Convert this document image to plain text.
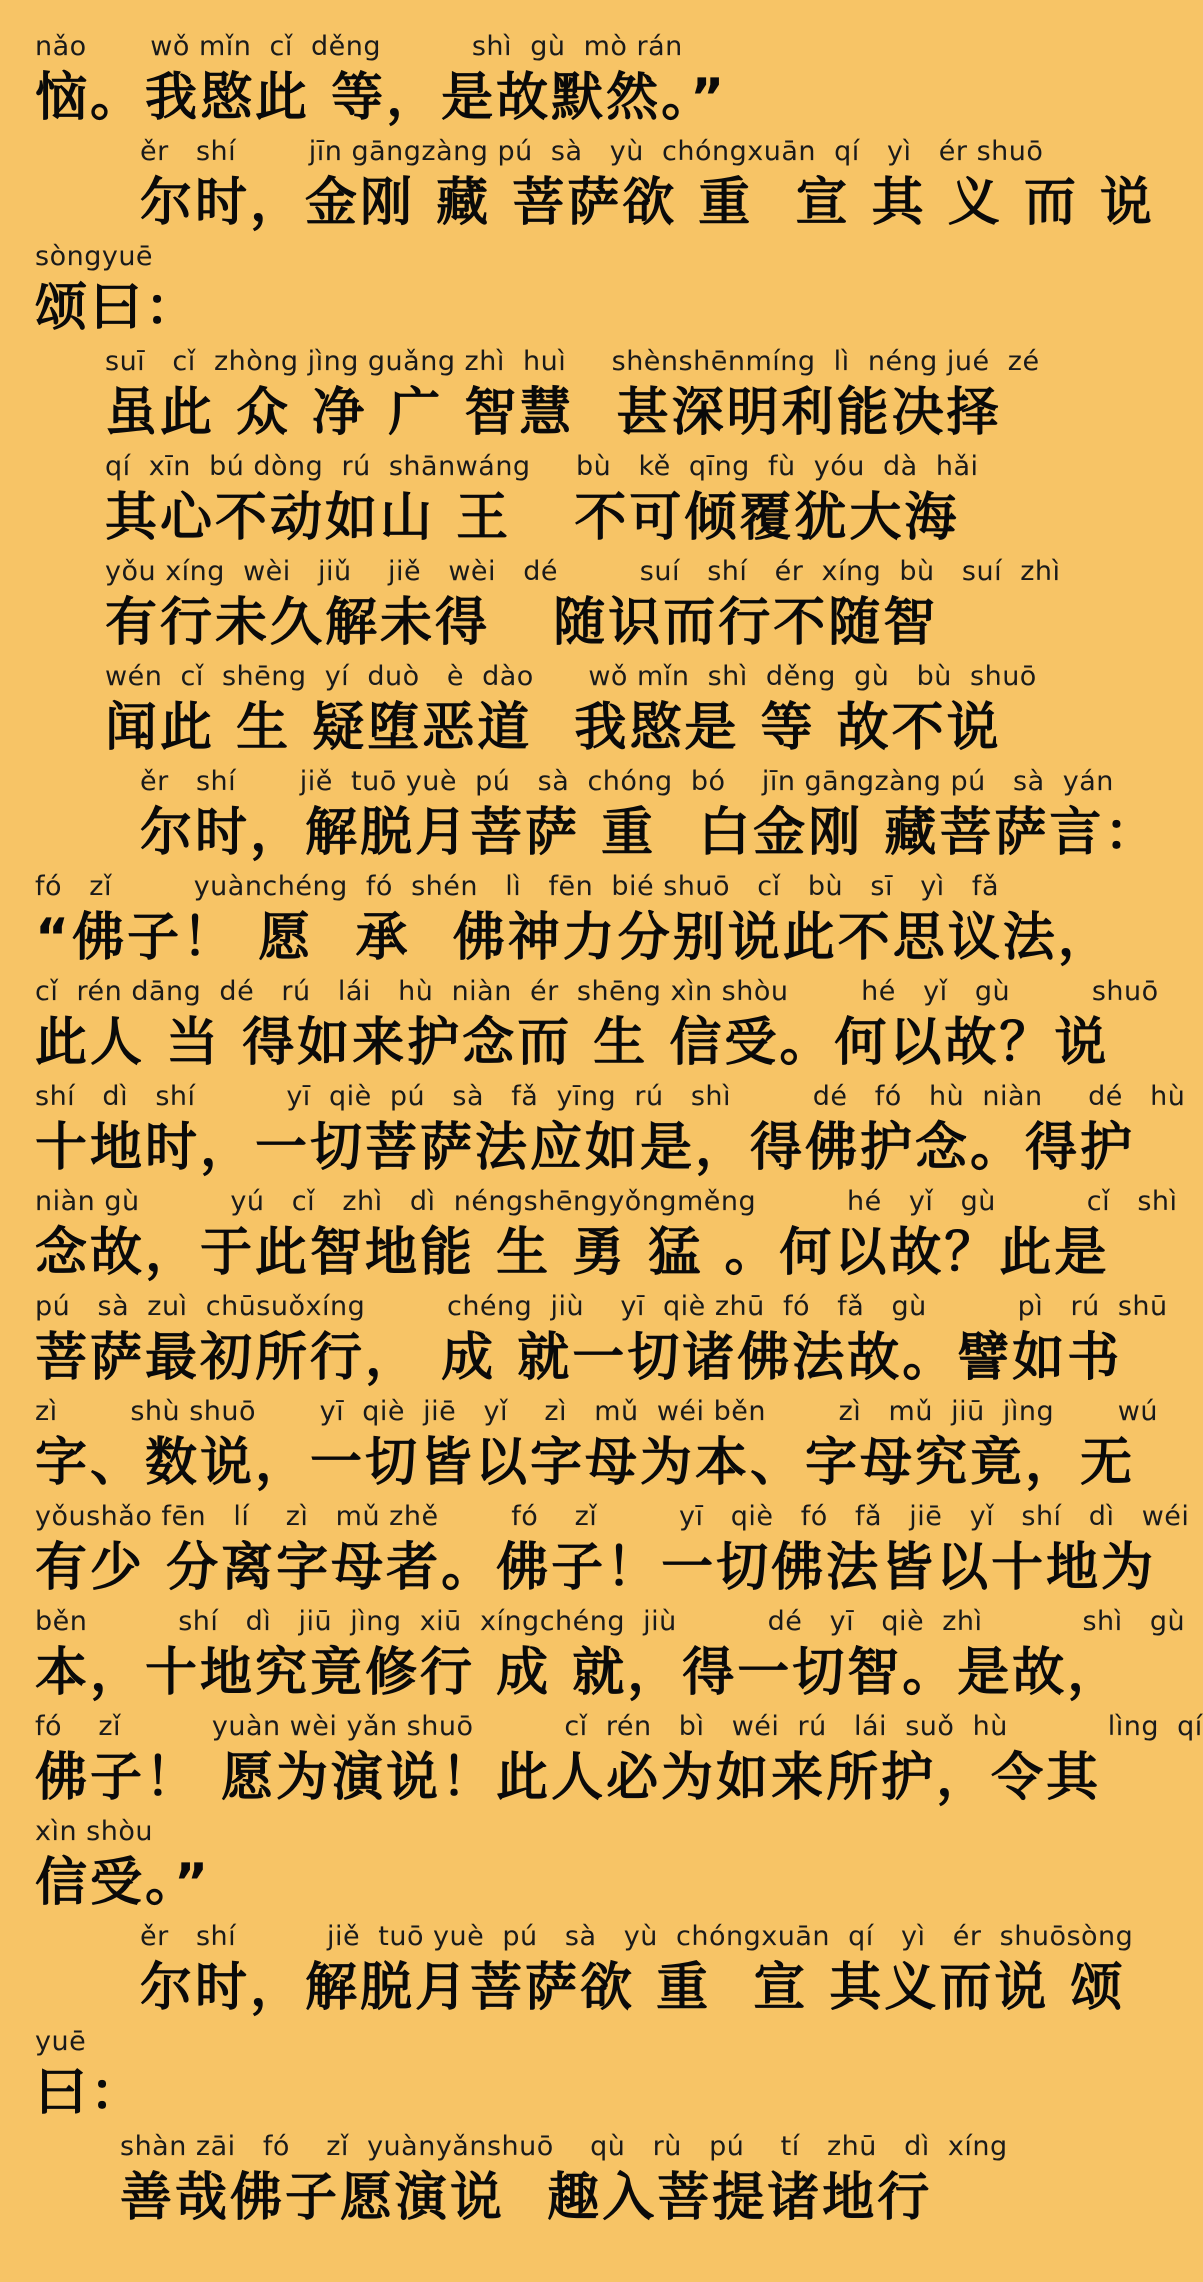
nǎo       wǒ mǐn  cǐ  děng          shì  gù  mò rán
恼。我愍此 等，是故默然。”
ěr   shí        jīn gāngzàng pú  sà   yù  chóngxuān  qí   yì   ér shuō
尔时，金刚 藏 菩萨欲 重  宣 其 义 而 说
sòngyuē
颂曰：
suī   cǐ  zhòng jìng guǎng zhì  huì     shènshēnmíng  lì  néng jué  zé
虽此 众 净 广 智慧  甚深明利能决择
qí  xīn  bú dòng  rú  shānwáng     bù   kě  qīng  fù  yóu  dà  hǎi
其心不动如山 王   不可倾覆犹大海
yǒu xíng  wèi   jiǔ    jiě   wèi   dé         suí   shí   ér  xíng  bù   suí  zhì
有行未久解未得   随识而行不随智
wén  cǐ  shēng  yí  duò   è  dào      wǒ mǐn  shì  děng  gù   bù  shuō
闻此 生 疑堕恶道  我愍是 等 故不说
ěr   shí       jiě  tuō yuè  pú   sà  chóng  bó    jīn gāngzàng pú   sà  yán
尔时，解脱月菩萨 重  白金刚 藏菩萨言：
fó   zǐ         yuànchéng  fó  shén   lì   fēn  bié shuō   cǐ   bù   sī   yì   fǎ
“佛子！ 愿  承  佛神力分别说此不思议法，
cǐ  rén dāng  dé   rú   lái   hù  niàn  ér  shēng xìn shòu        hé   yǐ   gù         shuō
此人 当 得如来护念而 生 信受。何以故？说
shí   dì   shí          yī  qiè  pú   sà   fǎ  yīng  rú   shì         dé   fó   hù  niàn     dé   hù
十地时，一切菩萨法应如是，得佛护念。得护
niàn gù          yú   cǐ   zhì   dì  néngshēngyǒngměng          hé   yǐ   gù          cǐ   shì
念故，于此智地能 生 勇 猛 。何以故？此是
pú   sà  zuì  chūsuǒxíng         chéng  jiù    yī  qiè zhū  fó   fǎ   gù          pì   rú  shū
菩萨最初所行， 成 就一切诸佛法故。譬如书
zì        shù shuō       yī  qiè  jiē   yǐ    zì   mǔ  wéi běn        zì   mǔ  jiū  jìng       wú
字、数说，一切皆以字母为本、字母究竟，无
yǒushǎo fēn   lí    zì   mǔ zhě        fó    zǐ         yī   qiè   fó   fǎ   jiē   yǐ   shí   dì   wéi
有少 分离字母者。佛子！一切佛法皆以十地为
běn          shí   dì   jiū  jìng  xiū  xíngchéng  jiù          dé   yī   qiè  zhì           shì   gù
本，十地究竟修行 成 就，得一切智。是故，
fó    zǐ          yuàn wèi yǎn shuō          cǐ  rén   bì   wéi  rú   lái  suǒ  hù           lìng  qí
佛子！ 愿为演说！此人必为如来所护，令其
xìn shòu
信受。”
ěr   shí          jiě  tuō yuè  pú   sà   yù  chóngxuān  qí   yì   ér  shuōsòng
尔时，解脱月菩萨欲 重  宣 其义而说 颂
yuē
曰：
shàn zāi   fó    zǐ  yuànyǎnshuō    qù   rù   pú    tí   zhū   dì  xíng
善哉佛子愿演说  趣入菩提诸地行
